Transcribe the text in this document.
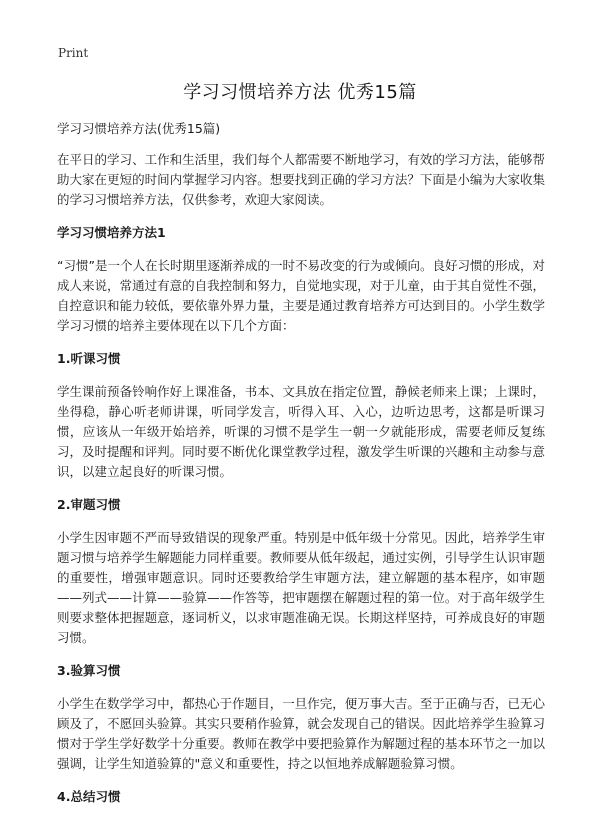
Print
学习习惯培养方法 优秀15篇

学习习惯培养方法(优秀15篇)

在平日的学习、工作和生活里，我们每个人都需要不断地学习，有效的学习方法，能够帮助大家在更短的时间内掌握学习内容。想要找到正确的学习方法？下面是小编为大家收集的学习习惯培养方法，仅供参考，欢迎大家阅读。

学习习惯培养方法1

“习惯”是一个人在长时期里逐渐养成的一时不易改变的行为或倾向。良好习惯的形成，对成人来说，常通过有意的自我控制和努力，自觉地实现，对于儿童，由于其自觉性不强，自控意识和能力较低，要依靠外界力量，主要是通过教育培养方可达到目的。小学生数学学习习惯的培养主要体现在以下几个方面：

1.听课习惯

学生课前预备铃响作好上课准备，书本、文具放在指定位置，静候老师来上课；上课时，坐得稳，静心听老师讲课，听同学发言，听得入耳、入心，边听边思考，这都是听课习惯，应该从一年级开始培养，听课的习惯不是学生一朝一夕就能形成，需要老师反复练习，及时提醒和评判。同时要不断优化课堂教学过程，激发学生听课的兴趣和主动参与意识，以建立起良好的听课习惯。

2.审题习惯

小学生因审题不严而导致错误的现象严重。特别是中低年级十分常见。因此，培养学生审题习惯与培养学生解题能力同样重要。教师要从低年级起，通过实例，引导学生认识审题的重要性，增强审题意识。同时还要教给学生审题方法，建立解题的基本程序，如审题——列式——计算——验算——作答等，把审题摆在解题过程的第一位。对于高年级学生则要求整体把握题意，逐词析义，以求审题准确无误。长期这样坚持，可养成良好的审题习惯。

3.验算习惯

小学生在数学学习中，都热心于作题目，一旦作完，便万事大吉。至于正确与否，已无心顾及了，不愿回头验算。其实只要稍作验算，就会发现自己的错误。因此培养学生验算习惯对于学生学好数学十分重要。教师在教学中要把验算作为解题过程的基本环节之一加以强调，让学生知道验算的"意义和重要性，持之以恒地养成解题验算习惯。

4.总结习惯
